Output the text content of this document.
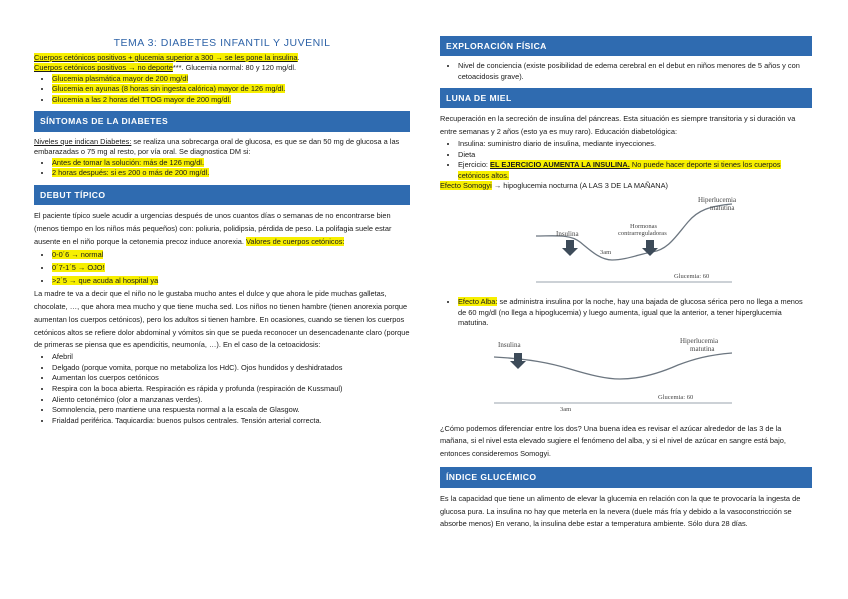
TEMA 3: DIABETES INFANTIL Y JUVENIL

Cuerpos cetónicos positivos + glucemia superior a 300 → se les pone la insulina.

Cuerpos cetónicos positivos → no deporte***. Glucemia normal: 80 y 120 mg/dl.

• Glucemia plasmática mayor de 200 mg/dl
• Glucemia en ayunas (8 horas sin ingesta calórica) mayor de 126 mg/dl.
• Glucemia a las 2 horas del TTOG mayor de 200 mg/dl.
SÍNTOMAS DE LA DIABETES

Niveles que indican Diabetes: se realiza una sobrecarga oral de glucosa, es que se dan 50 mg de glucosa a las embarazadas o 75 mg al resto, por vía oral. Se diagnostica DM si:

• Antes de tomar la solución: más de 126 mg/dl.
• 2 horas después: si es 200 o más de 200 mg/dl.
DEBUT TÍPICO

El paciente típico suele acudir a urgencias después de unos cuantos días o semanas de no encontrarse bien (menos tiempo en los niños más pequeños) con: poliuria, polidipsia, pérdida de peso. La polifagia suele estar ausente en el niño porque la cetonemia precoz induce anorexia. Valores de cuerpos cetónicos:

• 0-0´6 → normal
• 0´7-1´5 → OJO!
• >2´5 → que acuda al hospital ya

La madre te va a decir que el niño no le gustaba mucho antes el dulce y que ahora le pide muchas galletas, chocolate, …, que ahora mea mucho y que tiene mucha sed. Los niños no tienen hambre (tienen anorexia porque aumentan los cuerpos cetónicos), pero los adultos si tienen hambre. En ocasiones, cuando se tienen los cuerpos cetónicos altos se refiere dolor abdominal y vómitos sin que se pueda reconocer un desencadenante claro (porque de primeras se piensa que es apendicitis, neumonía, …). En el caso de la cetoacidosis:

• Afebril
• Delgado (porque vomita, porque no metaboliza los HdC). Ojos hundidos y deshidratados
• Aumentan los cuerpos cetónicos
• Respira con la boca abierta. Respiración es rápida y profunda (respiración de Kussmaul)
• Aliento cetonémico (olor a manzanas verdes).
• Somnolencia, pero mantiene una respuesta normal a la escala de Glasgow.
• Frialdad periférica. Taquicardia: buenos pulsos centrales. Tensión arterial correcta.
EXPLORACIÓN FÍSICA
• Nivel de conciencia (existe posibilidad de edema cerebral en el debut en niños menores de 5 años y con cetoacidosis grave).
LUNA DE MIEL

Recuperación en la secreción de insulina del páncreas. Esta situación es siempre transitoria y si duración va entre semanas y 2 años (esto ya es muy raro). Educación diabetológica:

• Insulina: suministro diario de insulina, mediante inyecciones.
• Dieta
• Ejercicio: EL EJERCICIO AUMENTA LA INSULINA. No puede hacer deporte si tienes los cuerpos cetónicos altos.

Efecto Somogyi → hipoglucemia nocturna (A LAS 3 DE LA MAÑANA)

Insulina
Hormonas contrarreguladoras
Hiperlucemia matutina
3am
Glucemia: 60
• Efecto Alba: se administra insulina por la noche, hay una bajada de glucosa sérica pero no llega a menos de 60 mg/dl (no llega a hipoglucemia) y luego aumenta, igual que la anterior, a tener hiperglucemia matutina.
Insulina	Hiperlucemia matutina
3am
Glucemia: 60

¿Cómo podemos diferenciar entre los dos? Una buena idea es revisar el azúcar alrededor de las 3 de la mañana, si el nivel esta elevado sugiere el fenómeno del alba, y si el nivel de azúcar en sangre está bajo, entonces consideremos Somogyi.

ÍNDICE GLUCÉMICO

Es la capacidad que tiene un alimento de elevar la glucemia en relación con la que te provocaría la ingesta de glucosa pura. La insulina no hay que meterla en la nevera (duele más fría y debido a la vasoconstricción se absorbe menos) En verano, la insulina debe estar a temperatura ambiente. Sólo dura 28 días.
